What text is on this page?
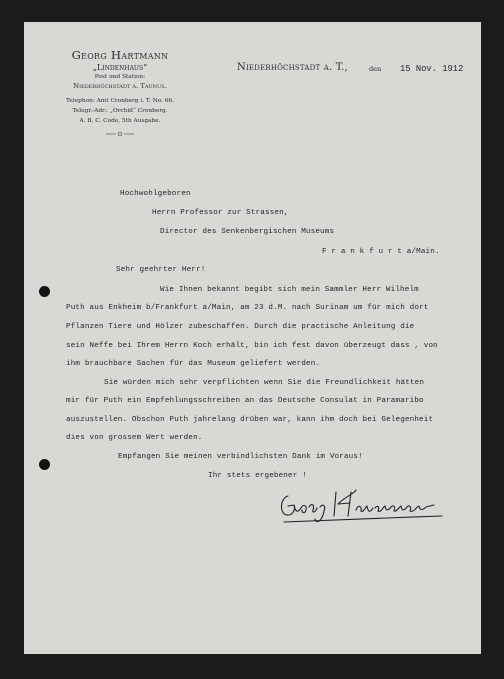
Georg Hartmann
„Lindenhaus“
Post und Station:
Niederhöchstadt a. Taunus.
Telephon: Amt Cronberg i. T. No. 66.
Telegr.-Adr.: „Orchid“ Cronberg.
A. B. C. Code, 5th Ausgabe.
Niederhöchstadt a. T.,	den 15 Nov. 1912
Hochwohlgeboren
Herrn Professor zur Strassen,
Director des Senkenbergischen Museums
F r a n k f u r t a/Main.
Sehr geehrter Herr!
Wie Ihnen bekannt begibt sich mein Sammler Herr Wilhelm
Puth aus Enkheim b/Frankfurt a/Main, am 23 d.M. nach Surinam um für mich dort
Pflanzen Tiere und Hölzer zubeschaffen. Durch die practische Anleitung die
sein Neffe bei Ihrem Herrn Koch erhält, bin ich fest davon überzeugt dass , von
ihm brauchbare Sachen für das Museum geliefert werden.
Sie würden mich sehr verpflichten wenn Sie die Freundlichkeit hätten
mir für Puth ein Empfehlungsschreiben an das Deutsche Consulat in Paramaribo
auszustellen. Obschon Puth jahrelang drüben war, kann ihm doch bei Gelegenheit
dies von grossem Wert werden.
Empfangen Sie meinen verbindlichsten Dank im Voraus!
Ihr stets ergebener !
